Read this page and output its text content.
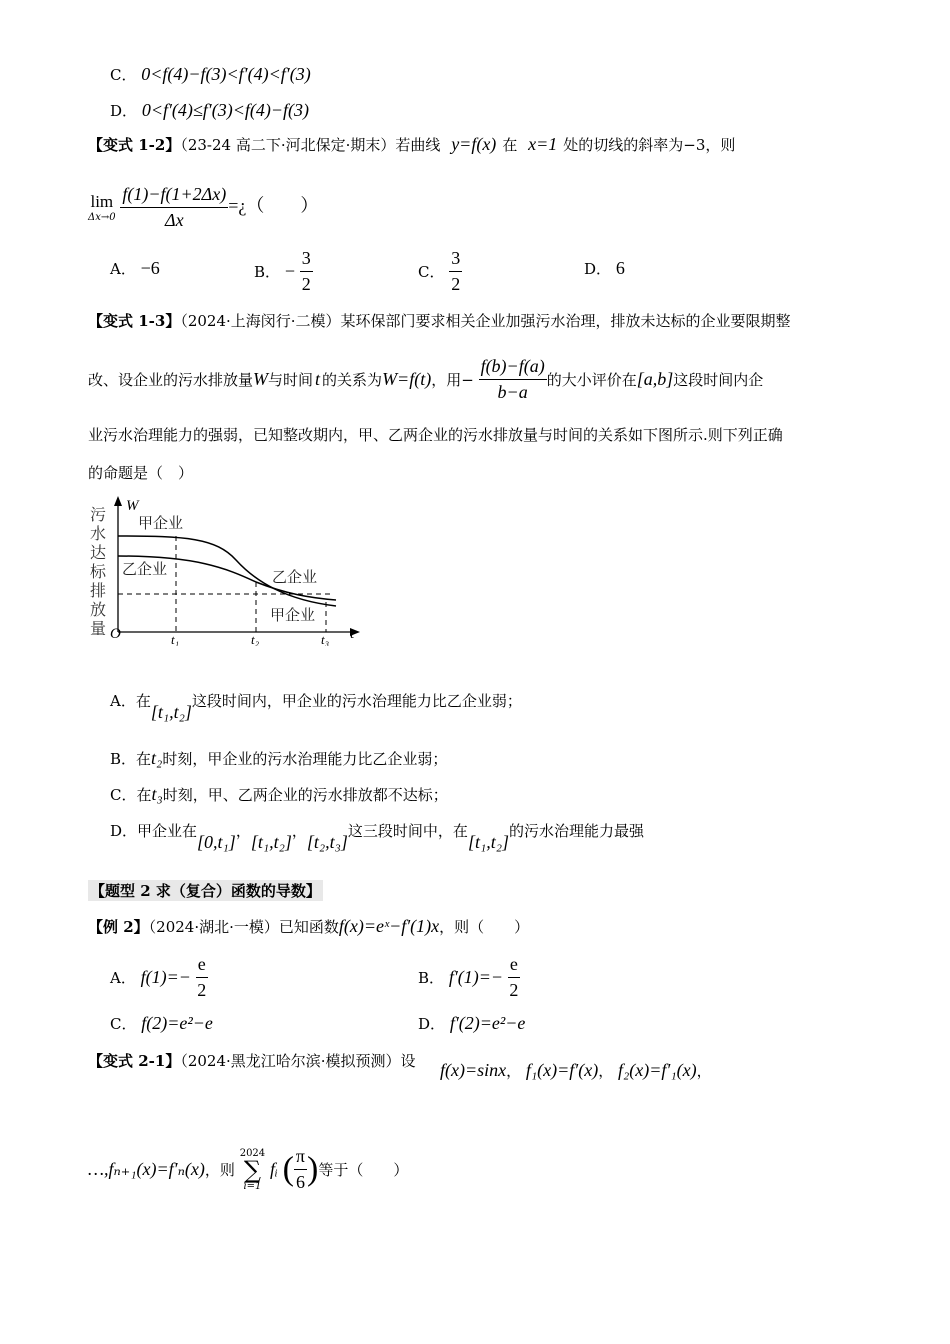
C． 0<f(4)−f(3)<f′(4)<f′(3)
D． 0<f′(4)≤f′(3)<f(4)−f(3)
【变式 1-2】（23-24 高二下·河北保定·期末）若曲线 y=f(x) 在 x=1 处的切线的斜率为−3，则
lim
Δx→0
$\frac{f(1)-f(1+2\Delta x)}{\Delta x}$ =¿（　　）
A． −6	B． − $\frac{3}{2}$	C． $\frac{3}{2}$	D． 6
【变式 1-3】（2024·上海闵行·二模）某环保部门要求相关企业加强污水治理，排放未达标的企业要限期整
改、设企业的污水排放量W与时间 t 的关系为W=f(t)，用− $\frac{f(b)-f(a)}{b-a}$ 的大小评价在[a,b]这段时间内企
业污水治理能力的强弱，已知整改期内，甲、乙两企业的污水排放量与时间的关系如下图所示.则下列正确
的命题是（　）
污
水
达
标
排
放
量
W
O	t
甲企业
乙企业	乙企业
甲企业
t₁	t₂	t₃
A．在[t₁,t₂]这段时间内，甲企业的污水治理能力比乙企业弱；
B．在t₂时刻，甲企业的污水治理能力比乙企业弱；
C．在t₃时刻，甲、乙两企业的污水排放都不达标；
D．甲企业在[0,t₁]，[t₁,t₂]，[t₂,t₃]这三段时间中，在[t₁,t₂]的污水治理能力最强
【题型 2 求（复合）函数的导数】
【例 2】（2024·湖北·一模）已知函数f(x)=eˣ−f′(1)x，则（　　）
A． $f(1)=- \frac{e}{2}$	B． $f'(1)=- \frac{e}{2}$
C． f(2)=e²−e	D． f′(2)=e²−e
【变式 2-1】（2024·黑龙江哈尔滨·模拟预测）设 f(x)=sinx， f₁(x)=f′(x)， f₂(x)=f′₁(x)，
…,fₙ₊₁(x)=f′ₙ(x)，则
2024
∑
i=1
fᵢ ( $\frac{\pi}{6}$ )等于（　　）
